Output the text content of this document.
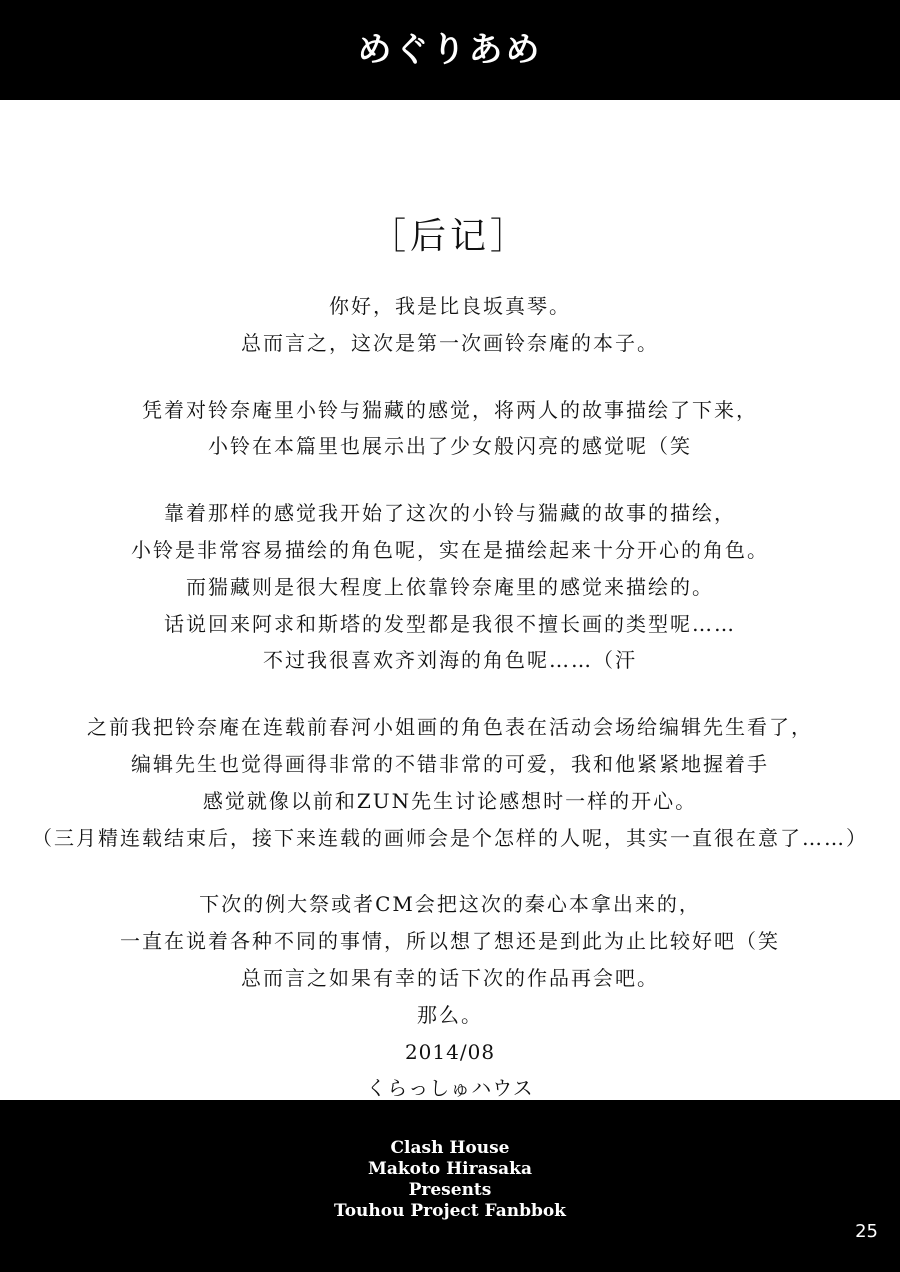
めぐりあめ
［后记］
你好，我是比良坂真琴。
总而言之，这次是第一次画铃奈庵的本子。
凭着对铃奈庵里小铃与猯藏的感觉，将两人的故事描绘了下来，
小铃在本篇里也展示出了少女般闪亮的感觉呢（笑
靠着那样的感觉我开始了这次的小铃与猯藏的故事的描绘，
小铃是非常容易描绘的角色呢，实在是描绘起来十分开心的角色。
而猯藏则是很大程度上依靠铃奈庵里的感觉来描绘的。
话说回来阿求和斯塔的发型都是我很不擅长画的类型呢……
不过我很喜欢齐刘海的角色呢……（汗
之前我把铃奈庵在连载前春河小姐画的角色表在活动会场给编辑先生看了，
编辑先生也觉得画得非常的不错非常的可爱，我和他紧紧地握着手
感觉就像以前和ZUN先生讨论感想时一样的开心。
（三月精连载结束后，接下来连载的画师会是个怎样的人呢，其实一直很在意了……）
下次的例大祭或者CM会把这次的秦心本拿出来的，
一直在说着各种不同的事情，所以想了想还是到此为止比较好吧（笑
总而言之如果有幸的话下次的作品再会吧。
那么。
2014/08
くらっしゅハウス
Clash House
Makoto Hirasaka
Presents
Touhou Project Fanbbok
25
